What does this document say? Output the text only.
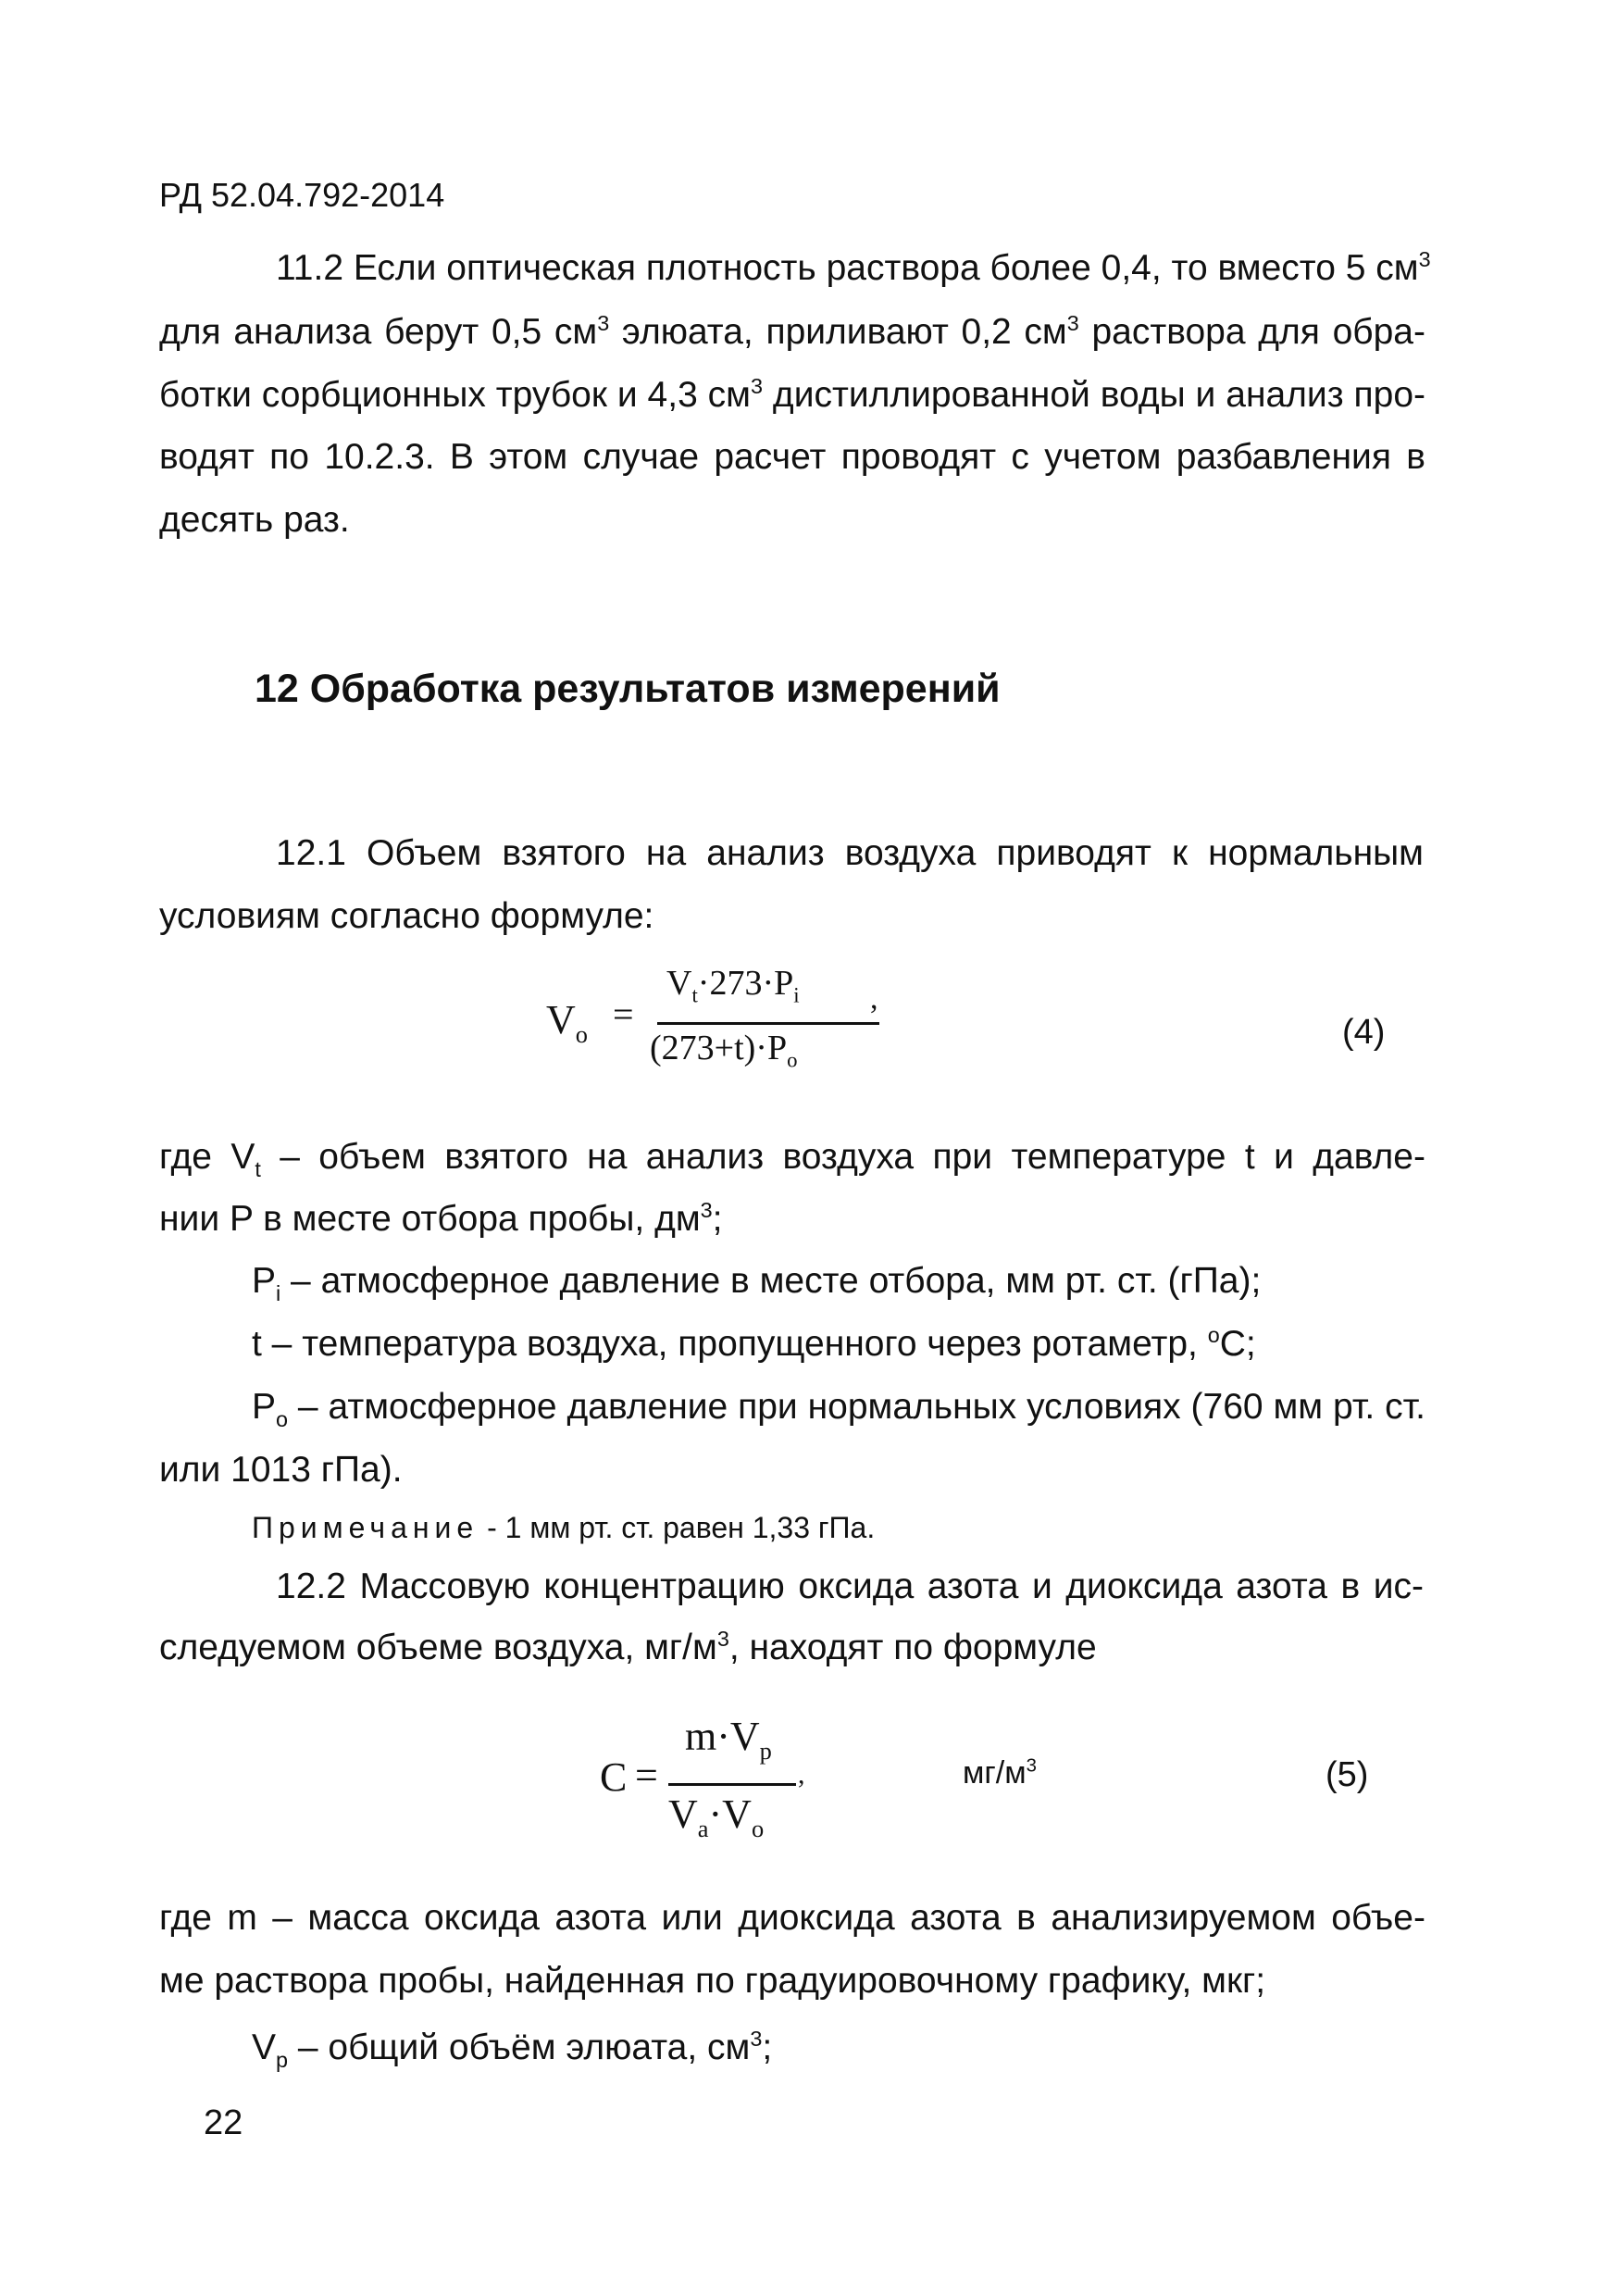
РД 52.04.792-2014
11.2 Если оптическая плотность раствора более 0,4, то вместо 5 $см^3$
для анализа берут 0,5 $см^3$ элюата, приливают 0,2 $см^3$ раствора для обра-
ботки сорбционных трубок и 4,3 $см^3$ дистиллированной воды и анализ про-
водят по 10.2.3. В этом случае расчет проводят с учетом разбавления в
десять раз.
12 Обработка результатов измерений
12.1 Объем взятого на анализ воздуха приводят к нормальным
условиям согласно формуле:
$V_o$ =
$V_t\cdot 273\cdot P_i$
$(273+t)\cdot P_o$
,
(4)
где $V_t$ – объем взятого на анализ воздуха при температуре t и давле-
нии P в месте отбора пробы, $дм^3$;
$P_i$ – атмосферное давление в месте отбора, мм рт. ст. (гПа);
t – температура воздуха, пропущенного через ротаметр, $^o$C;
$P_o$ – атмосферное давление при нормальных условиях (760 мм рт. ст.
или 1013 гПа).
Примечание - 1 мм рт. ст. равен 1,33 гПа.
12.2 Массовую концентрацию оксида азота и диоксида азота в ис-
следуемом объеме воздуха, $мг/м^3$, находят по формуле
C =
$m\cdot V_p$
$V_a\cdot V_o$
,	$мг/м^3$	(5)
где m – масса оксида азота или диоксида азота в анализируемом объе-
ме раствора пробы, найденная по градуировочному графику, мкг;
$V_p$ – общий объём элюата, $см^3$;
22
